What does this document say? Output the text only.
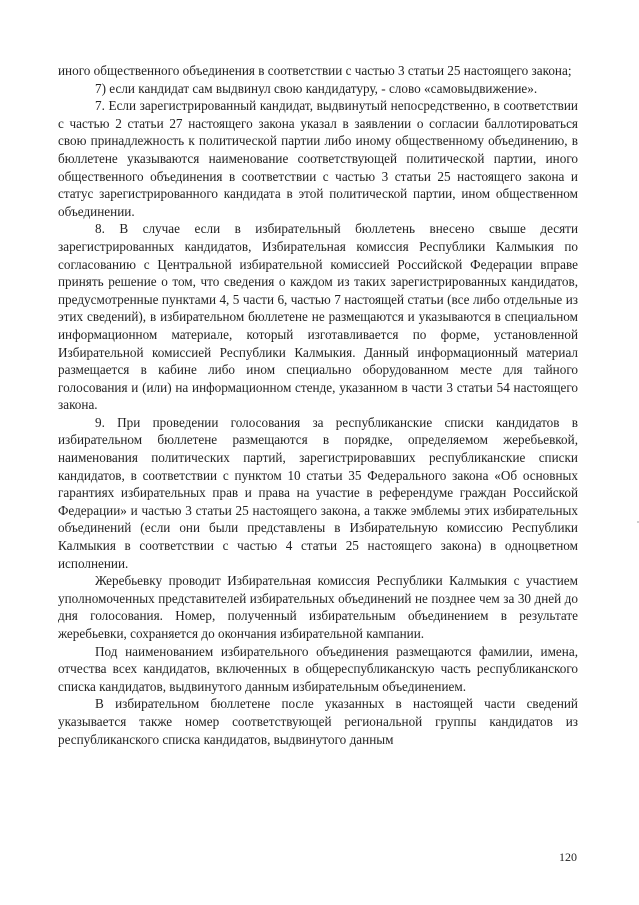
иного общественного объединения в соответствии с частью 3 статьи 25 настоящего закона;

7) если кандидат сам выдвинул свою кандидатуру, - слово «самовыдвижение».

7. Если зарегистрированный кандидат, выдвинутый непосредственно, в соответствии с частью 2 статьи 27 настоящего закона указал в заявлении о согласии баллотироваться свою принадлежность к политической партии либо иному общественному объединению, в бюллетене указываются наименование соответствующей политической партии, иного общественного объединения в соответствии с частью 3 статьи 25 настоящего закона и статус зарегистрированного кандидата в этой политической партии, ином общественном объединении.

8. В случае если в избирательный бюллетень внесено свыше десяти зарегистрированных кандидатов, Избирательная комиссия Республики Калмыкия по согласованию с Центральной избирательной комиссией Российской Федерации вправе принять решение о том, что сведения о каждом из таких зарегистрированных кандидатов, предусмотренные пунктами 4, 5 части 6, частью 7 настоящей статьи (все либо отдельные из этих сведений), в избирательном бюллетене не размещаются и указываются в специальном информационном материале, который изготавливается по форме, установленной Избирательной комиссией Республики Калмыкия. Данный информационный материал размещается в кабине либо ином специально оборудованном месте для тайного голосования и (или) на информационном стенде, указанном в части 3 статьи 54 настоящего закона.

9. При проведении голосования за республиканские списки кандидатов в избирательном бюллетене размещаются в порядке, определяемом жеребьевкой, наименования политических партий, зарегистрировавших республиканские списки кандидатов, в соответствии с пунктом 10 статьи 35 Федерального закона «Об основных гарантиях избирательных прав и права на участие в референдуме граждан Российской Федерации» и частью 3 статьи 25 настоящего закона, а также эмблемы этих избирательных объединений (если они были представлены в Избирательную комиссию Республики Калмыкия в соответствии с частью 4 статьи 25 настоящего закона) в одноцветном исполнении.

Жеребьевку проводит Избирательная комиссия Республики Калмыкия с участием уполномоченных представителей избирательных объединений не позднее чем за 30 дней до дня голосования. Номер, полученный избирательным объединением в результате жеребьевки, сохраняется до окончания избирательной кампании.

Под наименованием избирательного объединения размещаются фамилии, имена, отчества всех кандидатов, включенных в общереспубликанскую часть республиканского списка кандидатов, выдвинутого данным избирательным объединением.

В избирательном бюллетене после указанных в настоящей части сведений указывается также номер соответствующей региональной группы кандидатов из республиканского списка кандидатов, выдвинутого данным

120
